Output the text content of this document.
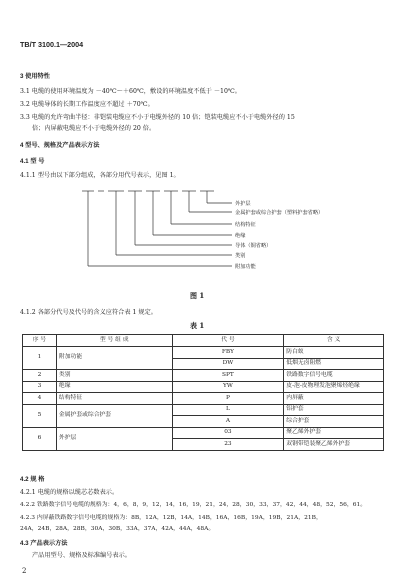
TB/T 3100.1—2004
3 使用特性
3.1 电缆的使用环境温度为 －40℃～＋60℃，敷设的环境温度不低于 －10℃。
3.2 电缆导体的长期工作温度应不超过 ＋70℃。
3.3 电缆的允许弯曲半径：非铠装电缆应不小于电缆外径的 10 倍；铠装电缆应不小于电缆外径的 15
倍；内屏蔽电缆应不小于电缆外径的 20 倍。
4 型号、规格及产品表示方法
4.1 型 号
4.1.1 型号由以下部分组成，各部分用代号表示，见图 1。
外护层
金属护套或综合护套（塑料护套省略）
结构特征
绝缘
导体（铜省略）
类别
附加功能
图 1
4.1.2 各部分代号及代号的含义应符合表 1 规定。
表 1
序 号	型 号 组 成	代 号	含 义
1	附加功能	FBY	防白蚁
		DW	低烟无卤阻燃
2	类别	SPT	铁路数字信号电缆
3	绝缘	YW	皮-泡-皮物理发泡聚烯烃绝缘
4	结构特征	P	内屏蔽
5	金属护套或综合护套	L	铝护套
		A	综合护套
6	外护层	03	聚乙烯外护套
		23	双钢带铠装聚乙烯外护套
4.2 规 格
4.2.1 电缆的规格以缆芯芯数表示。
4.2.2 铁路数字信号电缆的规格为：4，6，8，9，12，14，16，19，21，24，28，30，33，37，42，44，48，52，56，61。
4.2.3 内屏蔽铁路数字信号电缆的规格为：8B，12A，12B，14A，14B，16A，16B，19A，19B，21A，21B，
24A，24B，28A，28B，30A，30B，33A，37A，42A，44A，48A。
4.3 产品表示方法
产品用型号、规格及标准编号表示。
2
